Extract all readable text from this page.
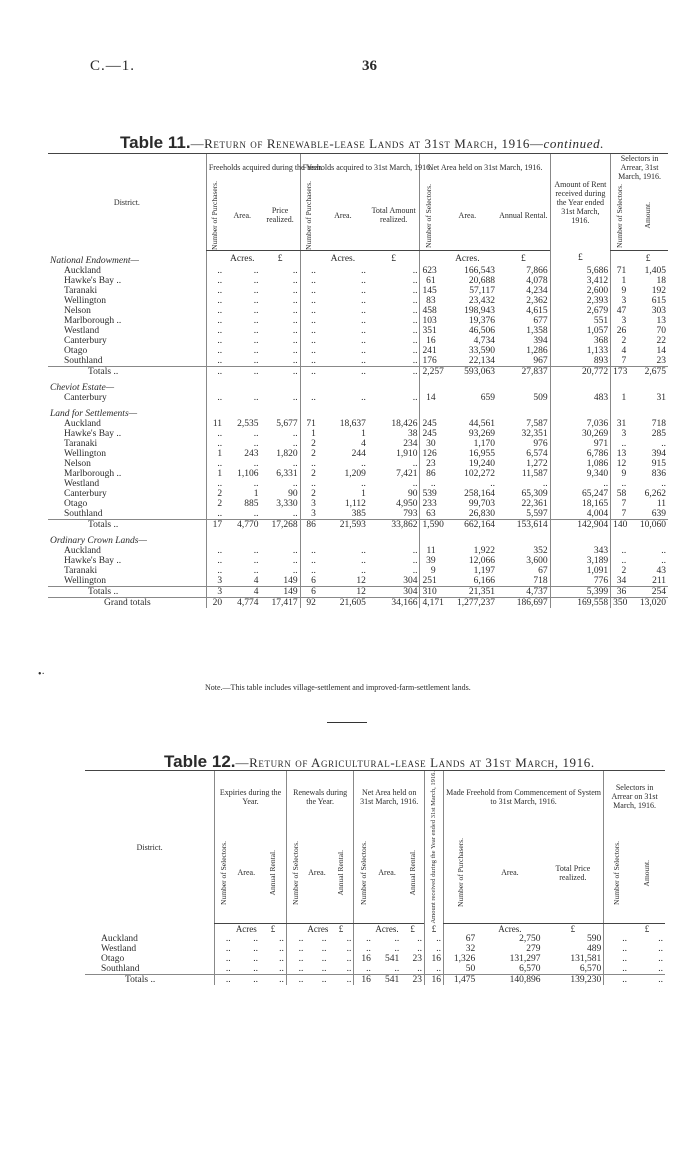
C.—1.	36
Table 11.—Return of Renewable-lease Lands at 31st March, 1916—continued.
District.	Freeholds acquired during the Year.			Freeholds acquired to 31st March, 1916.			Net Area held on 31st March, 1916.			Amount of Rent received during the Year ended 31st March, 1916.	Selectors in Arrear, 31st March, 1916.	

	Number of Purchasers.	Area.	Price realized.	Number of Purchasers.	Area.	Total Amount realized.	Number of Selectors.	Area.	Annual Rental.		Number of Selectors.	Amount.

National Endowment—		Acres.	£		Acres.	£		Acres.	£	£		£
Auckland	..	..	..	..	..	..	623	166,543	7,866	5,686	71	1,405
Hawke's Bay ..	..	..	..	..	..	..	61	20,688	4,078	3,412	1	18
Taranaki	..	..	..	..	..	..	145	57,117	4,234	2,600	9	192
Wellington	..	..	..	..	..	..	83	23,432	2,362	2,393	3	615
Nelson	..	..	..	..	..	..	458	198,943	4,615	2,679	47	303
Marlborough ..	..	..	..	..	..	..	103	19,376	677	551	3	13
Westland	..	..	..	..	..	..	351	46,506	1,358	1,057	26	70
Canterbury	..	..	..	..	..	..	16	4,734	394	368	2	22
Otago	..	..	..	..	..	..	241	33,590	1,286	1,133	4	14
Southland	..	..	..	..	..	..	176	22,134	967	893	7	23
Totals ..	..	..	..	..	..	..	2,257	593,063	27,837	20,772	173	2,675
Cheviot Estate—												
Canterbury	..	..	..	..	..	..	14	659	509	483	1	31
Land for Settlements—												
Auckland	11	2,535	5,677	71	18,637	18,426	245	44,561	7,587	7,036	31	718
Hawke's Bay ..	..	..	..	1	1	38	245	93,269	32,351	30,269	3	285
Taranaki	..	..	..	2	4	234	30	1,170	976	971	..	..
Wellington	1	243	1,820	2	244	1,910	126	16,955	6,574	6,786	13	394
Nelson	..	..	..	..	..	..	23	19,240	1,272	1,086	12	915
Marlborough ..	1	1,106	6,331	2	1,209	7,421	86	102,272	11,587	9,340	9	836
Westland	..	..	..	..	..	..	..	..	..	..	..	..
Canterbury	2	1	90	2	1	90	539	258,164	65,309	65,247	58	6,262
Otago	2	885	3,330	3	1,112	4,950	233	99,703	22,361	18,165	7	11
Southland	..	..	..	3	385	793	63	26,830	5,597	4,004	7	639
Totals ..	17	4,770	17,268	86	21,593	33,862	1,590	662,164	153,614	142,904	140	10,060
Ordinary Crown Lands—												
Auckland	..	..	..	..	..	..	11	1,922	352	343	..	..
Hawke's Bay ..	..	..	..	..	..	..	39	12,066	3,600	3,189	..	..
Taranaki	..	..	..	..	..	..	9	1,197	67	1,091	2	43
Wellington	3	4	149	6	12	304	251	6,166	718	776	34	211
Totals ..	3	4	149	6	12	304	310	21,351	4,737	5,399	36	254
Grand totals	20	4,774	17,417	92	21,605	34,166	4,171	1,277,237	186,697	169,558	350	13,020
•·
Note.—This table includes village-settlement and improved-farm-settlement lands.
Table 12.—Return of Agricultural-lease Lands at 31st March, 1916.
District.	Expiries during the Year.			Renewals during the Year.			Net Area held on 31st March, 1916.			Amount received during the Year ended 31st March, 1916.	Made Freehold from Commencement of System to 31st March, 1916.			Selectors in Arrear on 31st March, 1916.	

	Number of Selectors.	Area.	Annual Rental.	Number of Selectors.	Area.	Annual Rental.	Number of Selectors.	Area.	Annual Rental.		Number of Purchasers.	Area.	Total Price realized.	Number of Selectors.	Amount.

		Acres	£		Acres	£		Acres.	£	£		Acres.	£		£
Auckland	..	..	..	..	..	..	..	..	..	..	67	2,750	590	..	..
Westland	..	..	..	..	..	..	..	..	..	..	32	279	489	..	..
Otago	..	..	..	..	..	..	16	541	23	16	1,326	131,297	131,581	..	..
Southland	..	..	..	..	..	..	..	..	..	..	50	6,570	6,570	..	..
Totals ..	..	..	..	..	..	..	16	541	23	16	1,475	140,896	139,230	..	..
